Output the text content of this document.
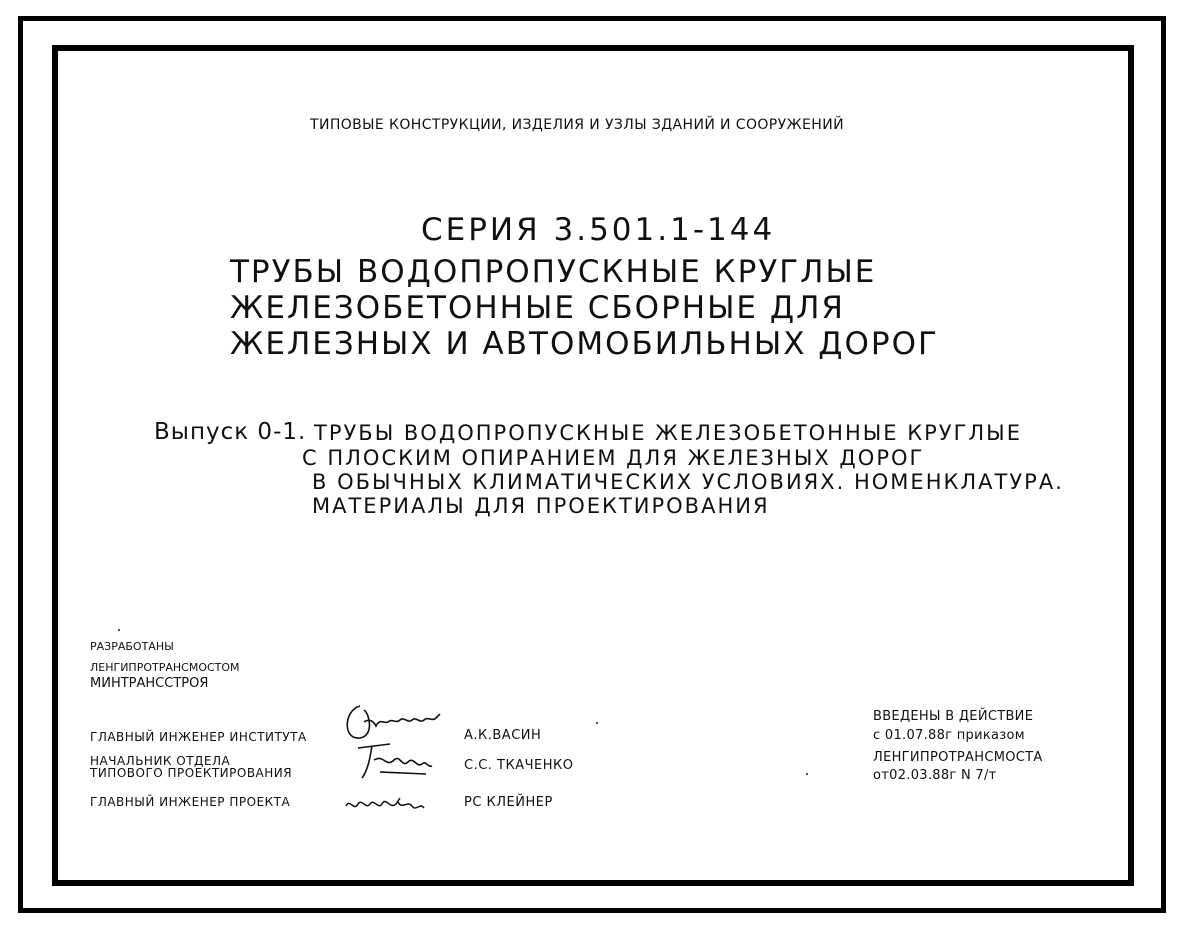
ТИПОВЫЕ КОНСТРУКЦИИ, ИЗДЕЛИЯ И УЗЛЫ ЗДАНИЙ И СООРУЖЕНИЙ
СЕРИЯ 3.501.1-144
ТРУБЫ ВОДОПРОПУСКНЫЕ КРУГЛЫЕ
ЖЕЛЕЗОБЕТОННЫЕ СБОРНЫЕ ДЛЯ
ЖЕЛЕЗНЫХ И АВТОМОБИЛЬНЫХ ДОРОГ
Выпуск 0-1. ТРУБЫ ВОДОПРОПУСКНЫЕ ЖЕЛЕЗОБЕТОННЫЕ КРУГЛЫЕ
С ПЛОСКИМ ОПИРАНИЕМ ДЛЯ ЖЕЛЕЗНЫХ ДОРОГ
В ОБЫЧНЫХ КЛИМАТИЧЕСКИХ УСЛОВИЯХ. НОМЕНКЛАТУРА.
МАТЕРИАЛЫ ДЛЯ ПРОЕКТИРОВАНИЯ
РАЗРАБОТАНЫ
ЛЕНГИПРОТРАНСМОСТОМ
МИНТРАНССТРОЯ
ГЛАВНЫЙ ИНЖЕНЕР ИНСТИТУТА
НАЧАЛЬНИК ОТДЕЛА
ТИПОВОГО ПРОЕКТИРОВАНИЯ
ГЛАВНЫЙ ИНЖЕНЕР ПРОЕКТА
А.К.ВАСИН
С.С. ТКАЧЕНКО
РС КЛЕЙНЕР
ВВЕДЕНЫ В ДЕЙСТВИЕ
с 01.07.88г приказом
ЛЕНГИПРОТРАНСМОСТА
от02.03.88г N 7/т
